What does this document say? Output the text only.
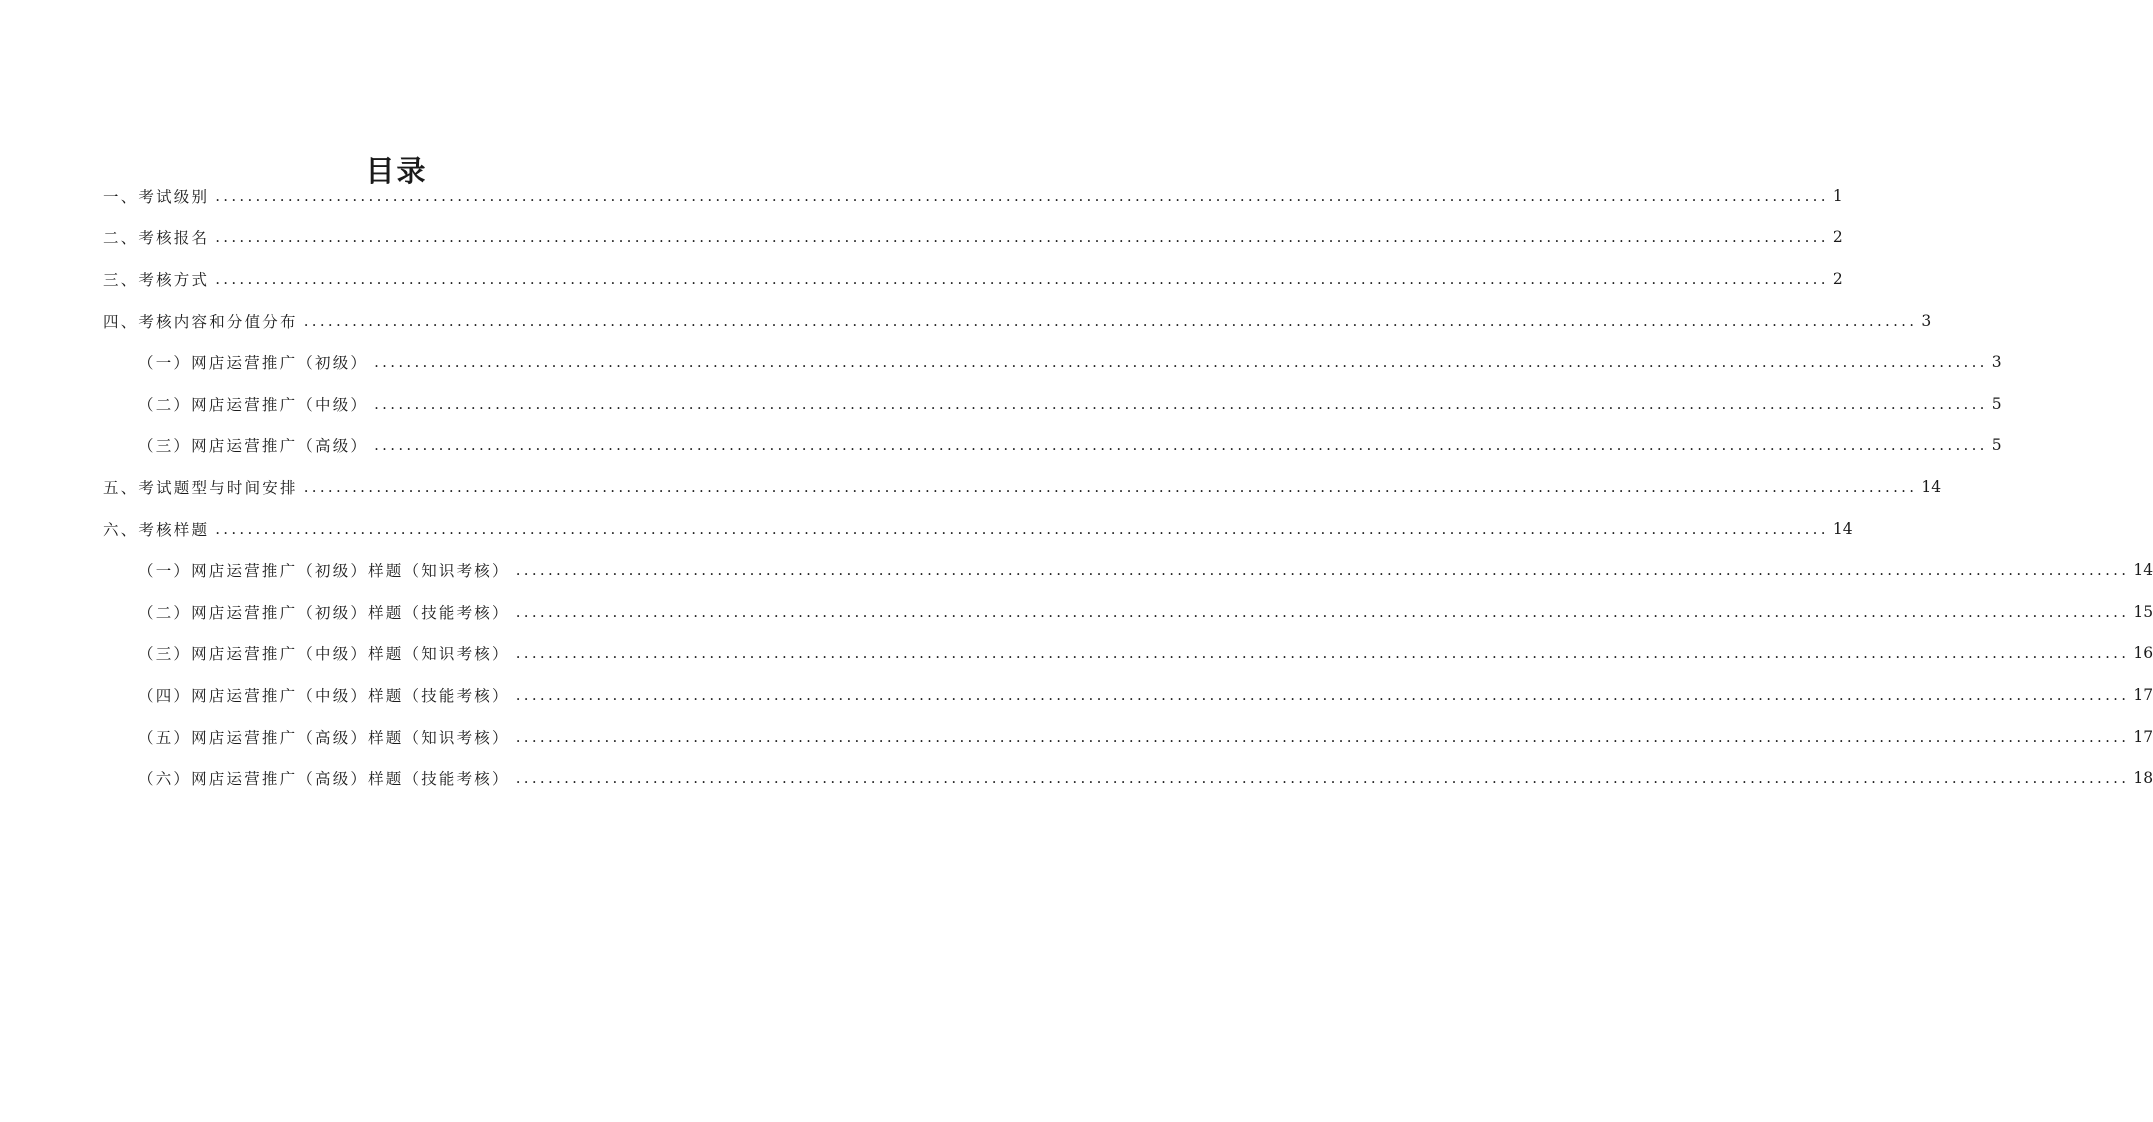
目录
一、考试级别 ........................................................................................................................................................................................................ 1
二、考核报名 ........................................................................................................................................................................................................ 2
三、考核方式 ........................................................................................................................................................................................................ 2
四、考核内容和分值分布 ........................................................................................................................................................................................................ 3
（一）网店运营推广（初级） ........................................................................................................................................................................................................ 3
（二）网店运营推广（中级） ........................................................................................................................................................................................................ 5
（三）网店运营推广（高级） ........................................................................................................................................................................................................ 5
五、考试题型与时间安排 ........................................................................................................................................................................................................ 14
六、考核样题 ........................................................................................................................................................................................................ 14
（一）网店运营推广（初级）样题（知识考核） ........................................................................................................................................................................................................ 14
（二）网店运营推广（初级）样题（技能考核） ........................................................................................................................................................................................................ 15
（三）网店运营推广（中级）样题（知识考核） ........................................................................................................................................................................................................ 16
（四）网店运营推广（中级）样题（技能考核） ........................................................................................................................................................................................................ 17
（五）网店运营推广（高级）样题（知识考核） ........................................................................................................................................................................................................ 17
（六）网店运营推广（高级）样题（技能考核） ........................................................................................................................................................................................................ 18
